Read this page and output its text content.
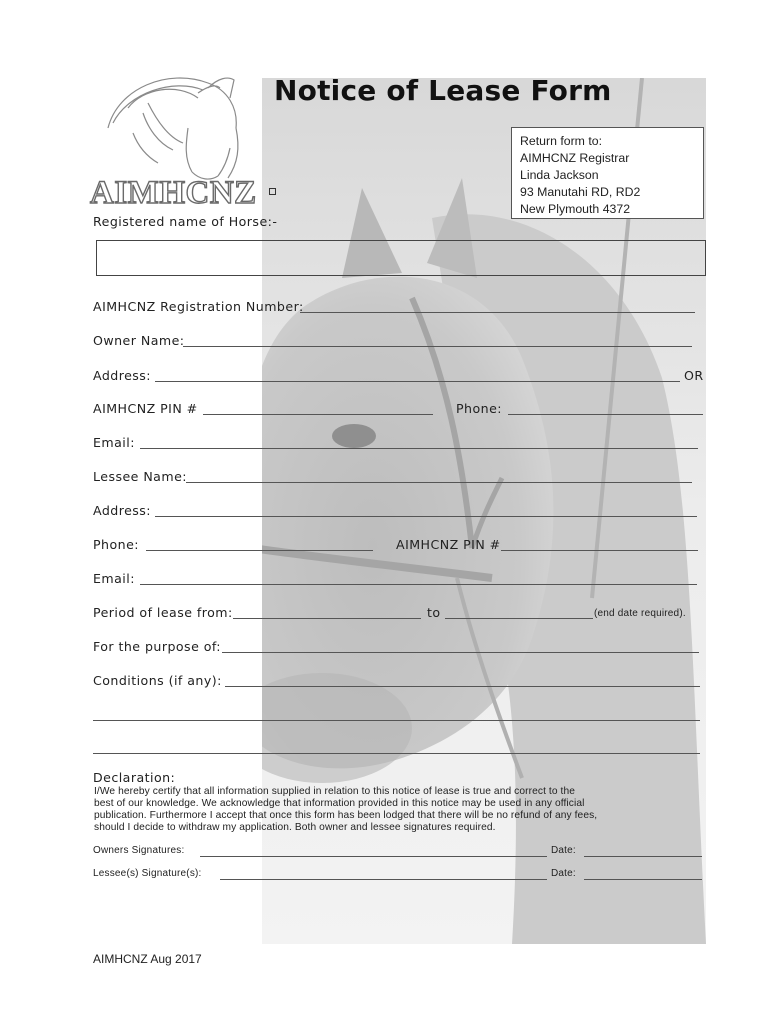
AIMHCNZ
Notice of Lease Form
Return form to:
AIMHCNZ Registrar
Linda Jackson
93 Manutahi RD, RD2
New Plymouth 4372
Registered name of Horse:-
AIMHCNZ Registration Number:
Owner Name:
Address:	OR
AIMHCNZ PIN #	Phone:
Email:
Lessee Name:
Address:
Phone:	AIMHCNZ PIN #
Email:
Period of lease from:	to	(end date required).
For the purpose of:
Conditions (if any):
Declaration:
I/We hereby certify that all information supplied in relation to this notice of lease is true and correct to the
best of our knowledge. We acknowledge that information provided in this notice may be used in any official
publication. Furthermore I accept that once this form has been lodged that there will be no refund of any fees,
should I decide to withdraw my application. Both owner and lessee signatures required.
Owners Signatures:	Date:
Lessee(s) Signature(s):	Date:
AIMHCNZ Aug 2017
